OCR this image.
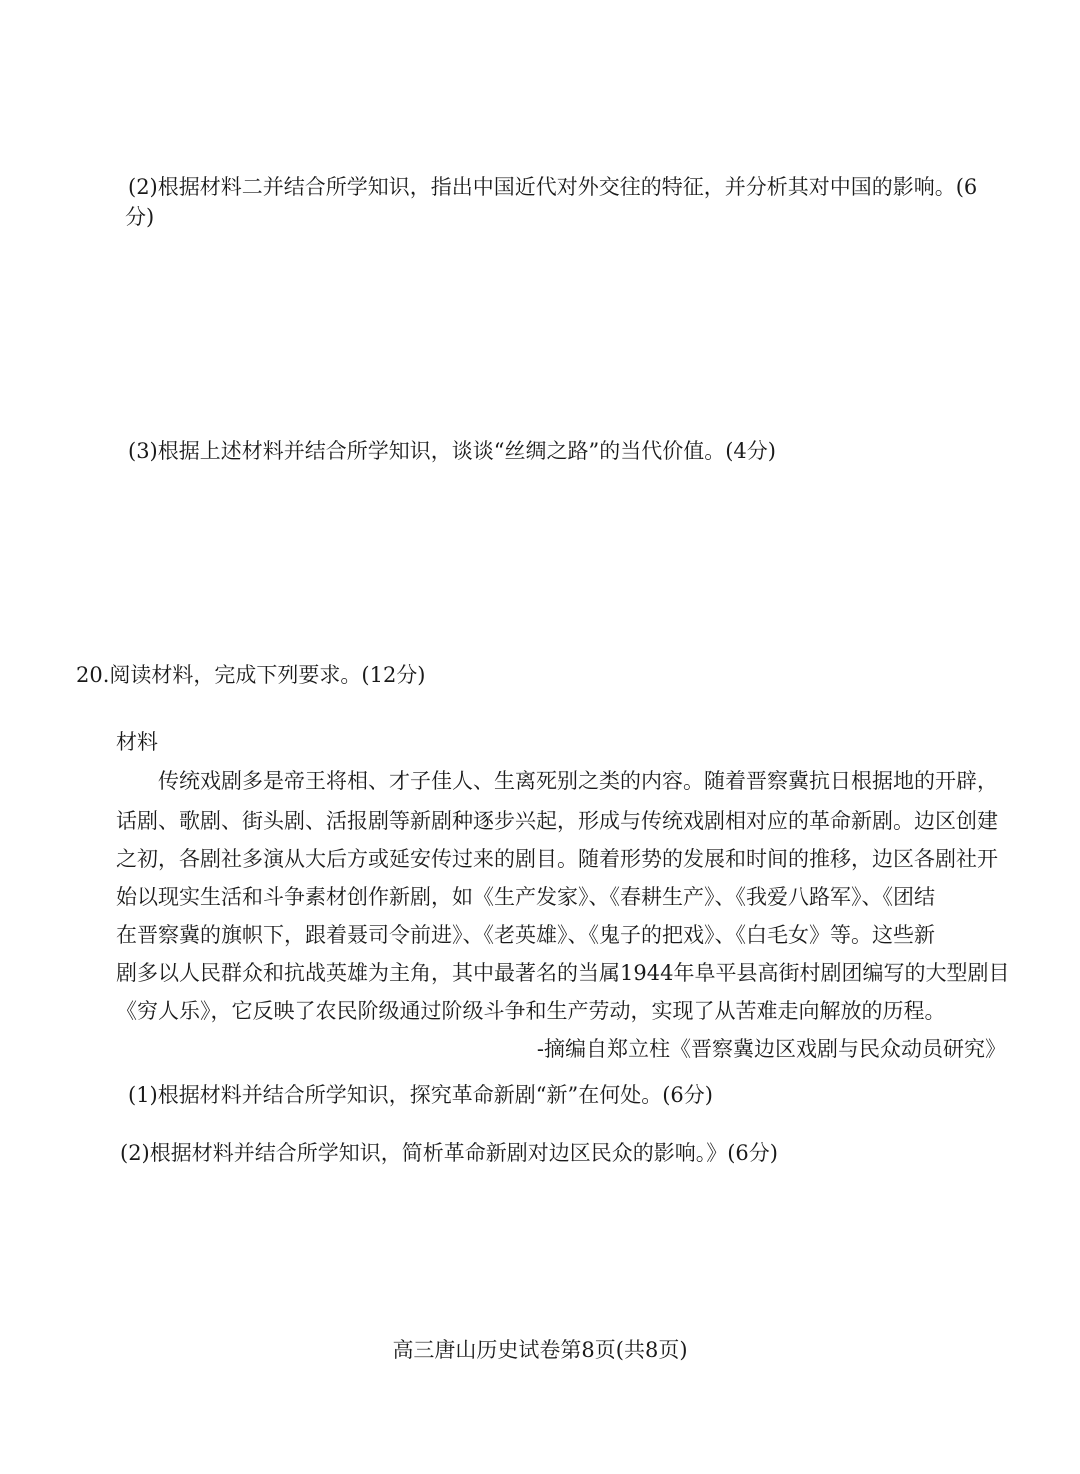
(2)根据材料二并结合所学知识，指出中国近代对外交往的特征，并分析其对中国的影响。(6
分)
(3)根据上述材料并结合所学知识，谈谈“丝绸之路”的当代价值。(4分)
20.阅读材料，完成下列要求。(12分)
材料
　　传统戏剧多是帝王将相、才子佳人、生离死别之类的内容。随着晋察冀抗日根据地的开辟，
话剧、歌剧、街头剧、活报剧等新剧种逐步兴起，形成与传统戏剧相对应的革命新剧。边区创建
之初，各剧社多演从大后方或延安传过来的剧目。随着形势的发展和时间的推移，边区各剧社开
始以现实生活和斗争素材创作新剧，如《生产发家》、《春耕生产》、《我爱八路军》、《团结
在晋察冀的旗帜下，跟着聂司令前进》、《老英雄》、《鬼子的把戏》、《白毛女》等。这些新
剧多以人民群众和抗战英雄为主角，其中最著名的当属1944年阜平县高街村剧团编写的大型剧目
《穷人乐》，它反映了农民阶级通过阶级斗争和生产劳动，实现了从苦难走向解放的历程。
-摘编自郑立柱《晋察冀边区戏剧与民众动员研究》
(1)根据材料并结合所学知识，探究革命新剧“新”在何处。(6分)
(2)根据材料并结合所学知识，简析革命新剧对边区民众的影响。》(6分)
高三唐山历史试卷第8页(共8页)
